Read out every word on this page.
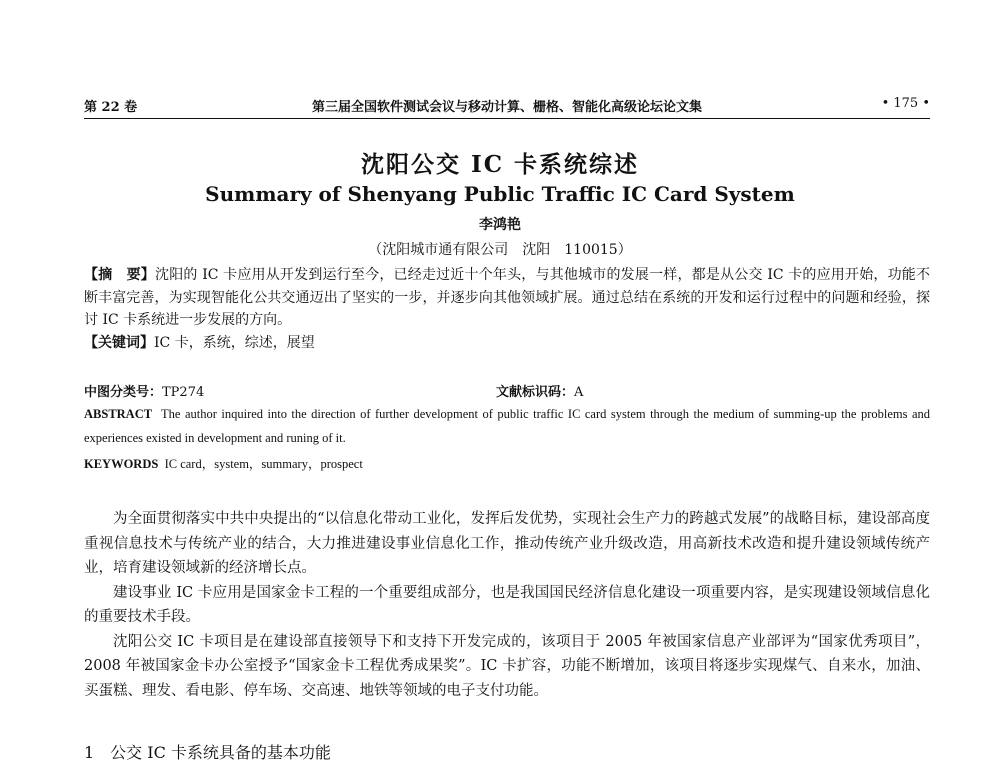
第 22 卷	第三届全国软件测试会议与移动计算、栅格、智能化高级论坛论文集	• 175 •
沈阳公交 IC 卡系统综述
Summary of Shenyang Public Traffic IC Card System
李鸿艳
（沈阳城市通有限公司　沈阳　110015）
【摘　要】沈阳的 IC 卡应用从开发到运行至今，已经走过近十个年头，与其他城市的发展一样，都是从公交 IC 卡的应用开始，功能不断丰富完善，为实现智能化公共交通迈出了坚实的一步，并逐步向其他领域扩展。通过总结在系统的开发和运行过程中的问题和经验，探讨 IC 卡系统进一步发展的方向。
【关键词】IC 卡，系统，综述，展望
中图分类号：TP274	文献标识码：A
ABSTRACT The author inquired into the direction of further development of public traffic IC card system through the medium of summing-up the problems and experiences existed in development and runing of it.
KEYWORDS IC card，system，summary，prospect

为全面贯彻落实中共中央提出的“以信息化带动工业化，发挥后发优势，实现社会生产力的跨越式发展”的战略目标，建设部高度重视信息技术与传统产业的结合，大力推进建设事业信息化工作，推动传统产业升级改造，用高新技术改造和提升建设领域传统产业，培育建设领域新的经济增长点。

建设事业 IC 卡应用是国家金卡工程的一个重要组成部分，也是我国国民经济信息化建设一项重要内容，是实现建设领域信息化的重要技术手段。

沈阳公交 IC 卡项目是在建设部直接领导下和支持下开发完成的，该项目于 2005 年被国家信息产业部评为“国家优秀项目”，2008 年被国家金卡办公室授予“国家金卡工程优秀成果奖”。IC 卡扩容，功能不断增加，该项目将逐步实现煤气、自来水，加油、买蛋糕、理发、看电影、停车场、交高速、地铁等领域的电子支付功能。

1　公交 IC 卡系统具备的基本功能
